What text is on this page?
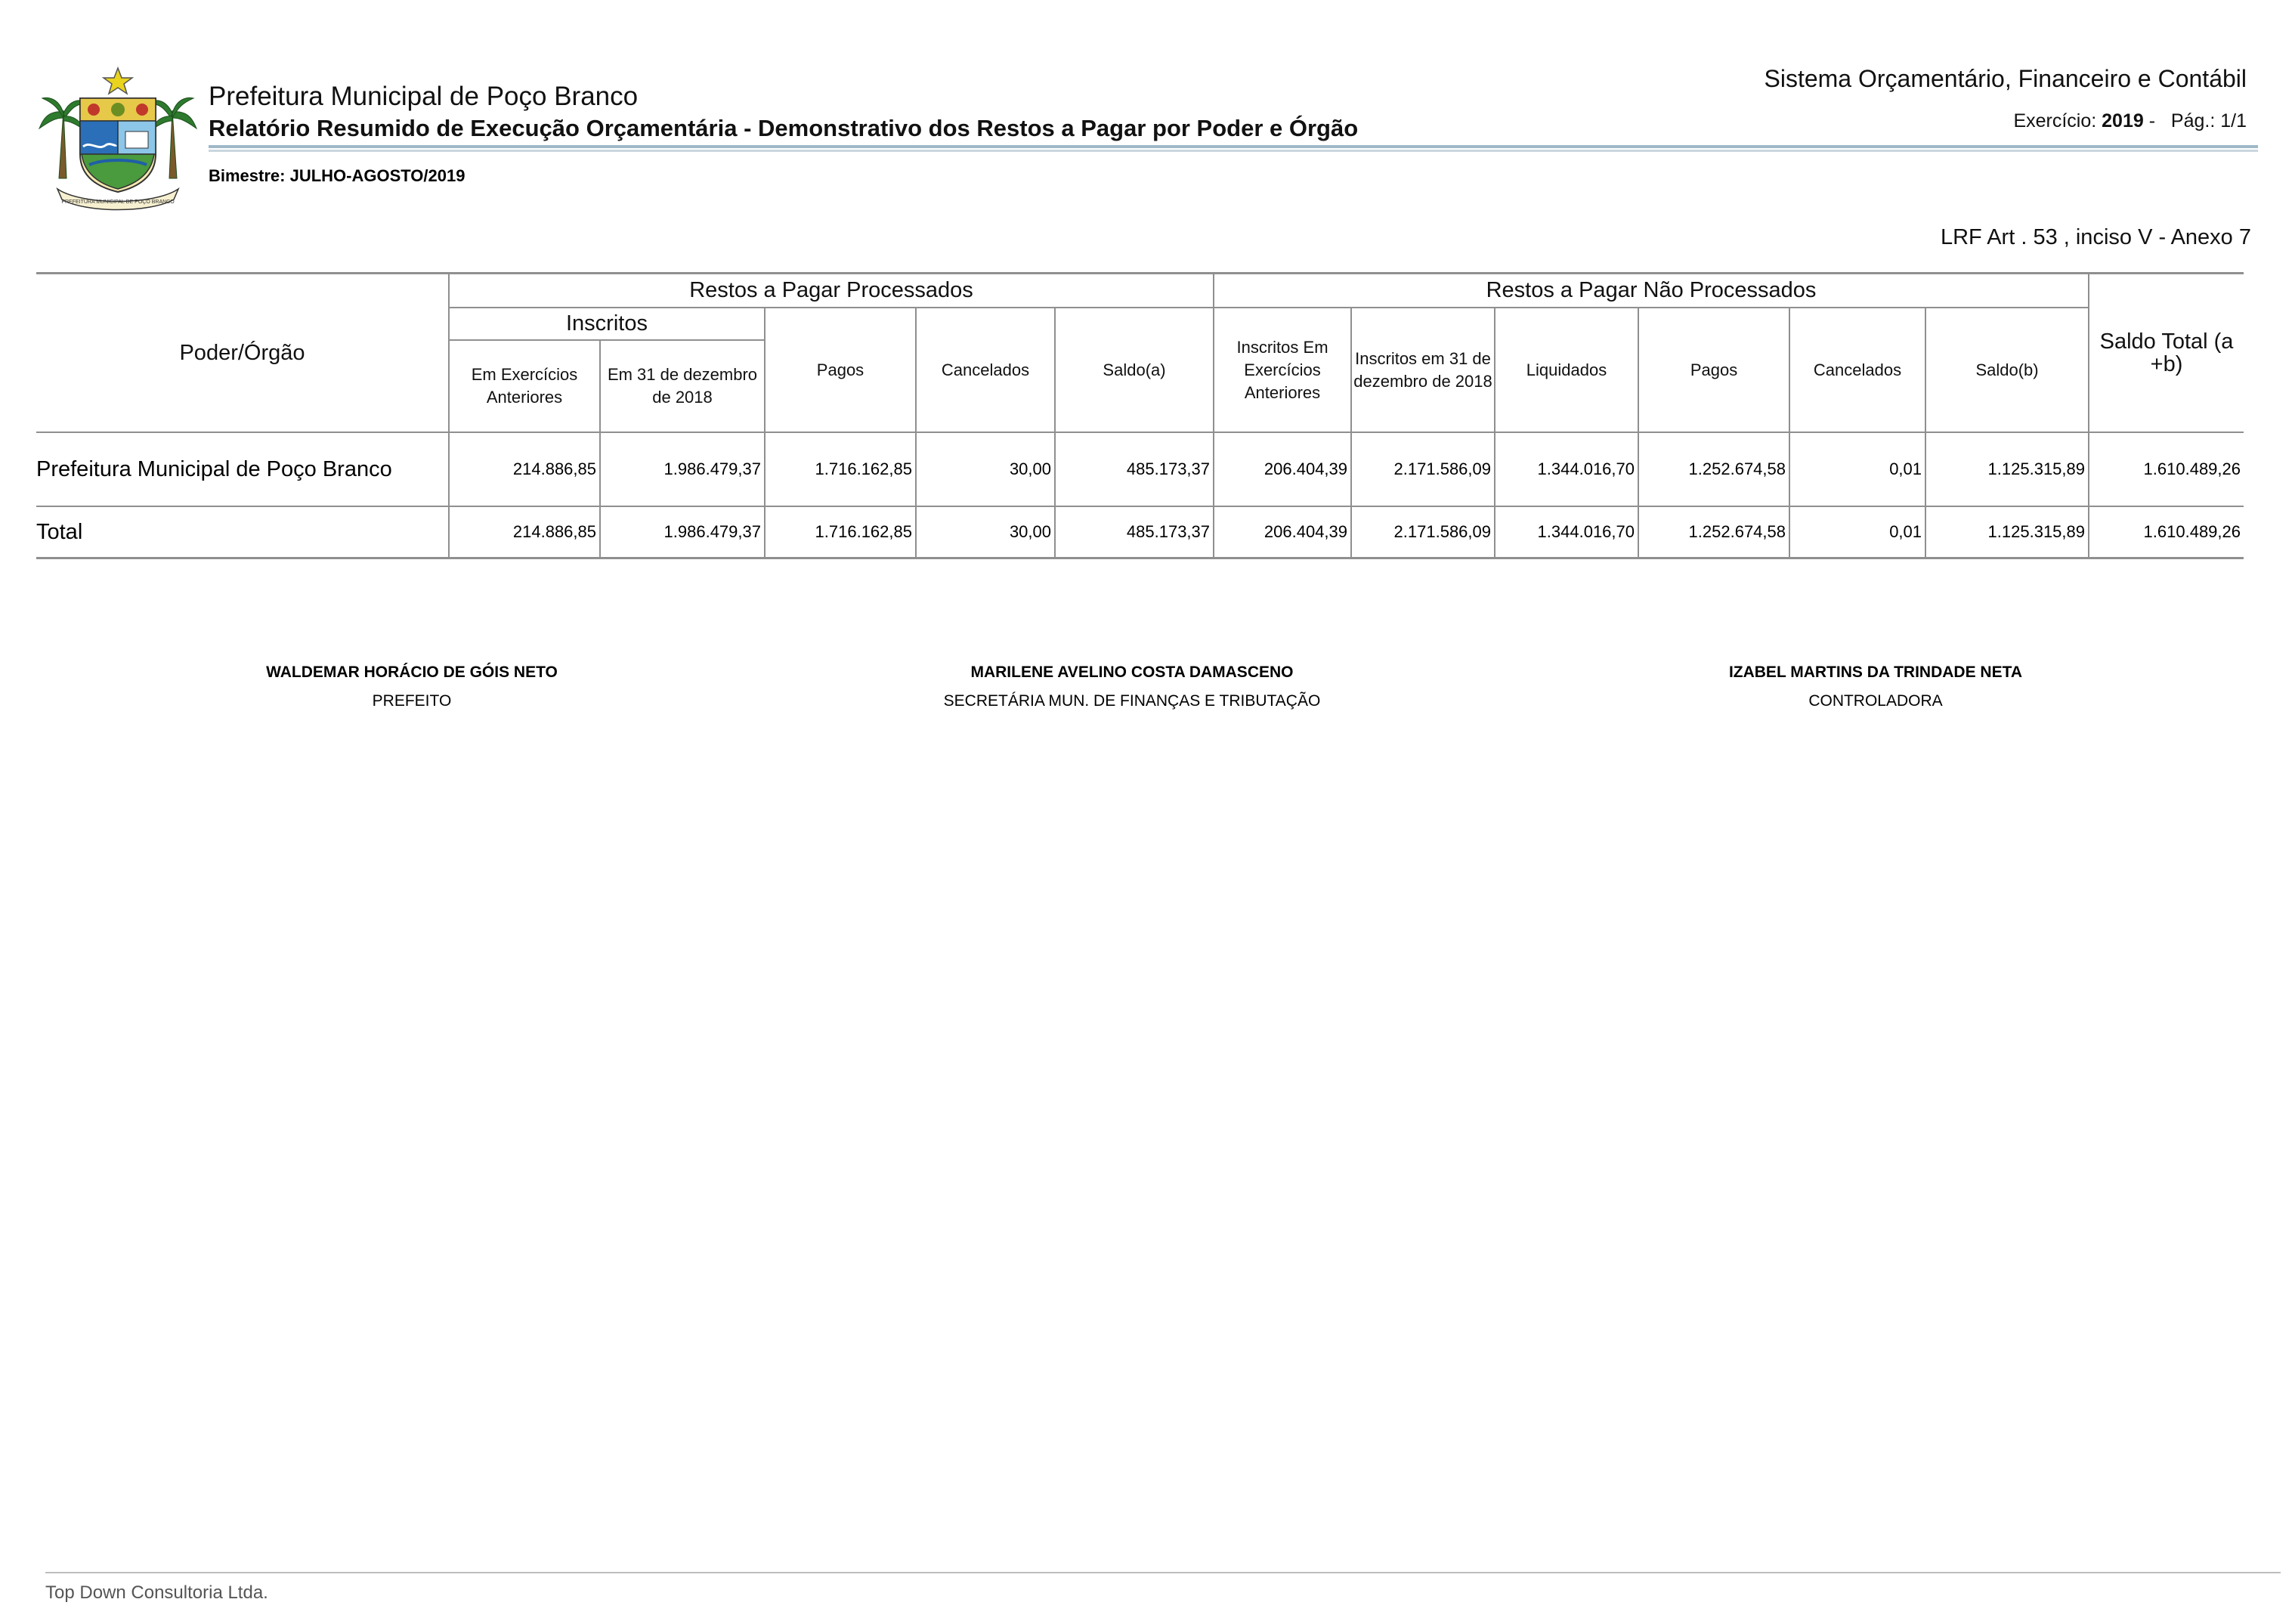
PREFEITURA MUNICIPAL DE POÇO BRANCO
Prefeitura Municipal de Poço Branco
Relatório Resumido de Execução Orçamentária - Demonstrativo dos Restos a Pagar por Poder e Órgão
Sistema Orçamentário, Financeiro e Contábil
Exercício: 2019 - Pág.: 1/1
Bimestre: JULHO-AGOSTO/2019
LRF Art . 53 , inciso V - Anexo 7
Poder/Órgão	Restos a Pagar Processados					Restos a Pagar Não Processados						Saldo Total (a +b)
	Inscritos		Pagos	Cancelados	Saldo(a)	Inscritos Em Exercícios Anteriores	Inscritos em 31 de dezembro de 2018	Liquidados	Pagos	Cancelados	Saldo(b)	
	Em Exercícios Anteriores	Em 31 de dezembro de 2018										
Prefeitura Municipal de Poço Branco	214.886,85	1.986.479,37	1.716.162,85	30,00	485.173,37	206.404,39	2.171.586,09	1.344.016,70	1.252.674,58	0,01	1.125.315,89	1.610.489,26
Total	214.886,85	1.986.479,37	1.716.162,85	30,00	485.173,37	206.404,39	2.171.586,09	1.344.016,70	1.252.674,58	0,01	1.125.315,89	1.610.489,26
WALDEMAR HORÁCIO DE GÓIS NETO
PREFEITO
MARILENE AVELINO COSTA DAMASCENO
SECRETÁRIA MUN. DE FINANÇAS E TRIBUTAÇÃO
IZABEL MARTINS DA TRINDADE NETA
CONTROLADORA
Top Down Consultoria Ltda.
